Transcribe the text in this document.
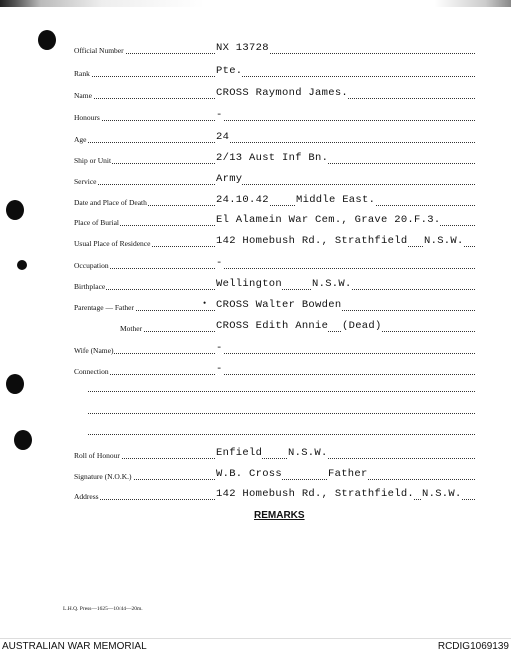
Official Number	NX 13728
Rank	Pte.
Name	CROSS Raymond James.
Honours	-
Age	24
Ship or Unit	2/13 Aust Inf Bn.
Service	Army
Date and Place of Death	24.10.42	Middle East.
Place of Burial	El Alamein War Cem., Grave 20.F.3.
Usual Place of Residence	142 Homebush Rd., Strathfield N.S.W.
Occupation	-
Birthplace	Wellington	N.S.W.
Parentage — Father	CROSS Walter Bowden
•
Mother	CROSS Edith Annie (Dead)
Wife (Name)	-
Connection	-
Roll of Honour	Enfield N.S.W.
Signature (N.O.K.)	W.B. Cross	Father
Address	142 Homebush Rd., Strathfield. N.S.W.
REMARKS
L.H.Q. Press—1625—10/44—20m.
AUSTRALIAN WAR MEMORIAL	RCDIG1069139
